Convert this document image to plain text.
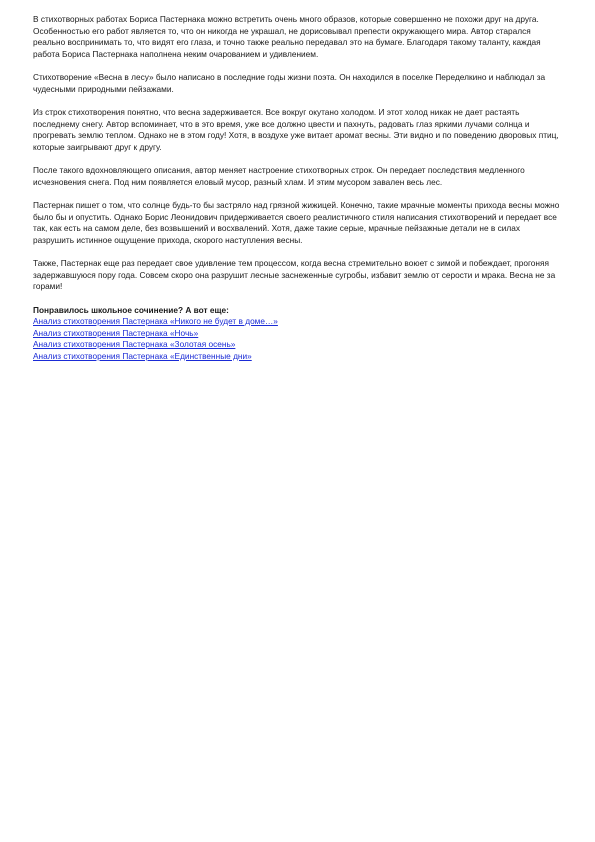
В стихотворных работах Бориса Пастернака можно встретить очень много образов, которые совершенно не похожи друг на друга. Особенностью его работ является то, что он никогда не украшал, не дорисовывал препести окружающего мира. Автор старался реально воспринимать то, что видят его глаза, и точно также реально передавал это на бумаге. Благодаря такому таланту, каждая работа Бориса Пастернака наполнена неким очарованием и удивлением.

Стихотворение «Весна в лесу» было написано в последние годы жизни поэта. Он находился в поселке Переделкино и наблюдал за чудесными природными пейзажами.

Из строк стихотворения понятно, что весна задерживается. Все вокруг окутано холодом. И этот холод никак не дает растаять последнему снегу. Автор вспоминает, что в это время, уже все должно цвести и пахнуть, радовать глаз яркими лучами солнца и прогревать землю теплом. Однако не в этом году! Хотя, в воздухе уже витает аромат весны. Эти видно и по поведению дворовых птиц, которые заигрывают друг к другу.

После такого вдохновляющего описания, автор меняет настроение стихотворных строк. Он передает последствия медленного исчезновения снега. Под ним появляется еловый мусор, разный хлам. И этим мусором завален весь лес.

Пастернак пишет о том, что солнце будь-то бы застряло над грязной жижицей. Конечно, такие мрачные моменты прихода весны можно было бы и опустить. Однако Борис Леонидович придерживается своего реалистичного стиля написания стихотворений и передает все так, как есть на самом деле, без возвышений и восхвалений. Хотя, даже такие серые, мрачные пейзажные детали не в силах разрушить истинное ощущение прихода, скорого наступления весны.

Также, Пастернак еще раз передает свое удивление тем процессом, когда весна стремительно воюет с зимой и побеждает, прогоняя задержавшуюся пору года. Совсем скоро она разрушит лесные заснеженные сугробы, избавит землю от серости и мрака. Весна не за горами!

Понравилось школьное сочинение? А вот еще:
Анализ стихотворения Пастернака «Никого не будет в доме…»
Анализ стихотворения Пастернака «Ночь»
Анализ стихотворения Пастернака «Золотая осень»
Анализ стихотворения Пастернака «Единственные дни»
